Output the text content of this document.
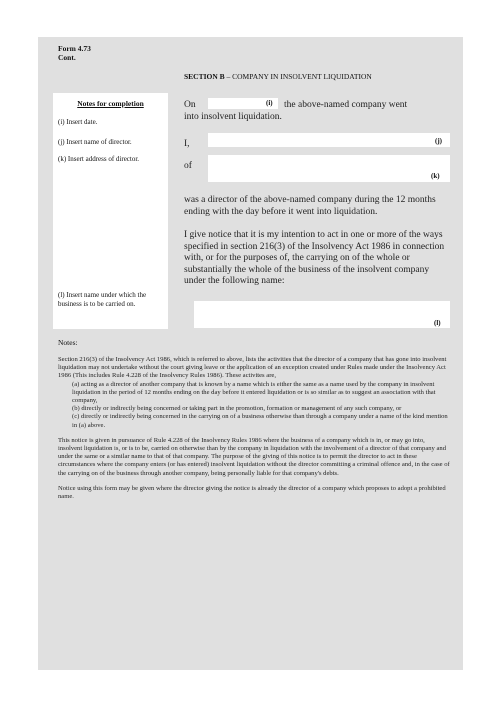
Form 4.73
Cont.
SECTION B – COMPANY IN INSOLVENT LIQUIDATION
Notes for completion
(i) Insert date.
(j) Insert name of director.
(k) Insert address of director.
(l) Insert name under which the business is to be carried on.
On	(i) the above-named company went
into insolvent liquidation.
I,	(j)
of
(k)
was a director of the above-named company during the 12 months ending with the day before it went into liquidation.
I give notice that it is my intention to act in one or more of the ways specified in section 216(3) of the Insolvency Act 1986 in connection with, or for the purposes of, the carrying on of the whole or substantially the whole of the business of the insolvent company under the following name:
(l)
Notes:
Section 216(3) of the Insolvency Act 1986, which is referred to above, lists the activities that the director of a company that has gone into insolvent liquidation may not undertake without the court giving leave or the application of an exception created under Rules made under the Insolvency Act 1986 (This includes Rule 4.228 of the Insolvency Rules 1986). These activites are,
(a) acting as a director of another company that is known by a name which is either the same as a name used by the company in insolvent liquidation in the period of 12 months ending on the day before it entered liquidation or is so similar as to suggest an association with that company,
(b) directly or indirectly being concerned or taking part in the promotion, formation or management of any such company, or
(c) directly or indirectly being concerned in the carrying on of a business otherwise than through a company under a name of the kind mention in (a) above.
This notice is given in pursuance of Rule 4.228 of the Insolvency Rules 1986 where the business of a company which is in, or may go into, insolvent liquidation is, or is to be, carried on otherwise than by the company in liquidation with the involvement of a director of that company and under the same or a similar name to that of that company. The purpose of the giving of this notice is to permit the director to act in these circumstances where the company enters (or has entered) insolvent liquidation without the director committing a criminal offence and, in the case of the carrying on of the business through another company, being personally liable for that company's debts.
Notice using this form may be given where the director giving the notice is already the director of a company which proposes to adopt a prohibited name.
